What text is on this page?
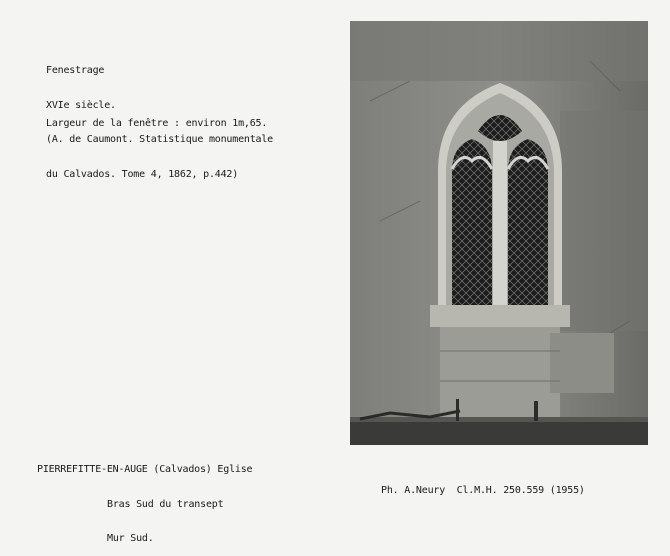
Fenestrage

XVIe siècle.

(A. de Caumont. Statistique monumentale

du Calvados. Tome 4, 1862, p.442)

Largeur de la fenêtre : environ 1m,65.

PIERREFITTE-EN-AUGE (Calvados) Eglise

Bras Sud du transept

Mur Sud.

Ph. A.Neury  Cl.M.H. 250.559 (1955)
